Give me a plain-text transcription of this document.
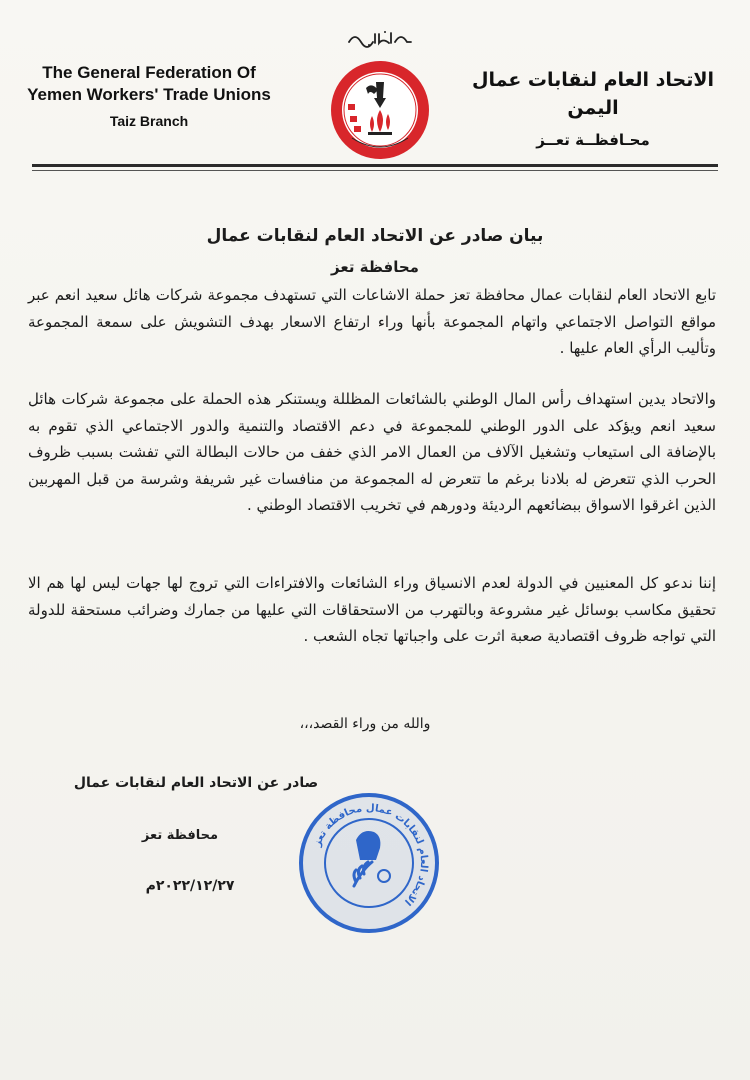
The General Federation Of
Yemen Workers' Trade Unions
Taiz Branch
الاتحاد العام لنقابات عمال اليمن
محـافظــة تعــز
بيان صادر عن الاتحاد العام لنقابات عمال
محافظة تعز
تابع الاتحاد العام لنقابات عمال محافظة تعز حملة الاشاعات التي تستهدف مجموعة شركات هائل سعيد انعم عبر مواقع التواصل الاجتماعي واتهام المجموعة بأنها وراء ارتفاع الاسعار بهدف التشويش على سمعة المجموعة وتأليب الرأي العام عليها .
والاتحاد يدين استهداف رأس المال الوطني بالشائعات المظللة ويستنكر هذه الحملة على مجموعة شركات هائل سعيد انعم ويؤكد على الدور الوطني للمجموعة في دعم الاقتصاد والتنمية والدور الاجتماعي الذي تقوم به بالإضافة الى استيعاب وتشغيل الآلاف من العمال الامر الذي خفف من حالات البطالة التي تفشت بسبب ظروف الحرب الذي تتعرض له بلادنا برغم ما تتعرض له المجموعة من منافسات غير شريفة وشرسة من قبل المهربين الذين اغرقوا الاسواق ببضائعهم الرديئة ودورهم في تخريب الاقتصاد الوطني .
إننا ندعو كل المعنيين في الدولة لعدم الانسياق وراء الشائعات والافتراءات التي تروج لها جهات ليس لها هم الا تحقيق مكاسب بوسائل غير مشروعة وبالتهرب من الاستحقاقات التي عليها من جمارك وضرائب مستحقة للدولة التي تواجه ظروف اقتصادية صعبة اثرت على واجباتها تجاه الشعب .
والله من وراء القصد،،،
صادر عن الاتحاد العام لنقابات عمال
محافظة تعز
٢٠٢٢/١٢/٢٧م
الاتحاد العام لنقابات عمال محافظة تعز
